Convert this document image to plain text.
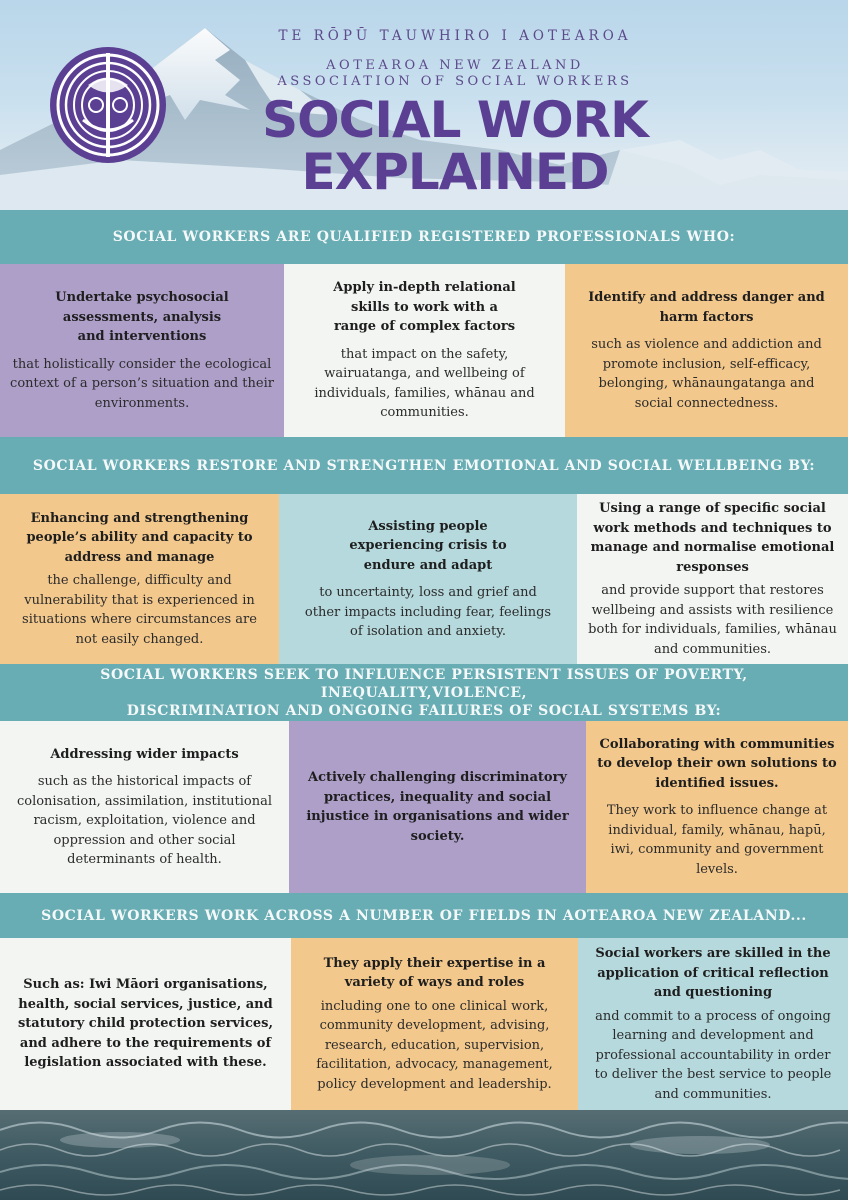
TE RŌPŪ TAUWHIRO I AOTEAROA
AOTEAROA NEW ZEALAND
ASSOCIATION OF SOCIAL WORKERS
SOCIAL WORK
EXPLAINED
SOCIAL WORKERS ARE QUALIFIED REGISTERED PROFESSIONALS WHO:
Undertake psychosocial assessments, analysis and interventions
that holistically consider the ecological context of a person’s situation and their environments.
Apply in-depth relational skills to work with a range of complex factors
that impact on the safety, wairuatanga, and wellbeing of individuals, families, whānau and communities.
Identify and address danger and harm factors
such as violence and addiction and promote inclusion, self-efficacy, belonging, whānaungatanga and social connectedness.
SOCIAL WORKERS RESTORE AND STRENGTHEN EMOTIONAL AND SOCIAL WELLBEING BY:
Enhancing and strengthening people’s ability and capacity to address and manage
the challenge, difficulty and vulnerability that is experienced in situations where circumstances are not easily changed.
Assisting people experiencing crisis to endure and adapt
to uncertainty, loss and grief and other impacts including fear, feelings of isolation and anxiety.
Using a range of specific social work methods and techniques to manage and normalise emotional responses
and provide support that restores wellbeing and assists with resilience both for individuals, families, whānau and communities.
SOCIAL WORKERS SEEK TO INFLUENCE PERSISTENT ISSUES OF POVERTY, INEQUALITY,VIOLENCE,
DISCRIMINATION AND ONGOING FAILURES OF SOCIAL SYSTEMS BY:
Addressing wider impacts
such as the historical impacts of colonisation, assimilation, institutional racism, exploitation, violence and oppression and other social determinants of health.
Actively challenging discriminatory practices, inequality and social injustice in organisations and wider society.
Collaborating with communities to develop their own solutions to identified issues.
They work to influence change at individual, family, whānau, hapū, iwi, community and government levels.
SOCIAL WORKERS WORK ACROSS A NUMBER OF FIELDS IN AOTEAROA NEW ZEALAND...
Such as: Iwi Māori organisations, health, social services, justice, and statutory child protection services, and adhere to the requirements of legislation associated with these.
They apply their expertise in a variety of ways and roles
including one to one clinical work, community development, advising, research, education, supervision, facilitation, advocacy, management, policy development and leadership.
Social workers are skilled in the application of critical reflection and questioning
and commit to a process of ongoing learning and development and professional accountability in order to deliver the best service to people and communities.
